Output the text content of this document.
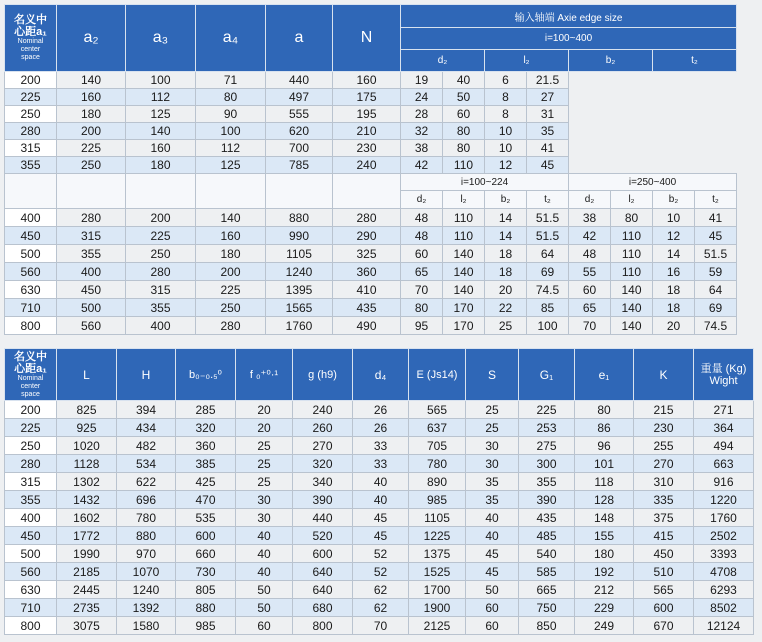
名义中
心距a₁
Nominal
center
space	a₂	a₃	a₄	a	N	输入轴端 Axie edge size							
						i=100~400							
						d₂		l₂		b₂		t₂	
200	140	100	71	440	160	19	40	6	21.5				
225	160	112	80	497	175	24	50	8	27				
250	180	125	90	555	195	28	60	8	31				
280	200	140	100	620	210	32	80	10	35				
315	225	160	112	700	230	38	80	10	41				
355	250	180	125	785	240	42	110	12	45				
						i=100~224				i=250~400			
						d₂	l₂	b₂	t₂	d₂	l₂	b₂	t₂
400	280	200	140	880	280	48	110	14	51.5	38	80	10	41
450	315	225	160	990	290	48	110	14	51.5	42	110	12	45
500	355	250	180	1105	325	60	140	18	64	48	110	14	51.5
560	400	280	200	1240	360	65	140	18	69	55	110	16	59
630	450	315	225	1395	410	70	140	20	74.5	60	140	18	64
710	500	355	250	1565	435	80	170	22	85	65	140	18	69
800	560	400	280	1760	490	95	170	25	100	70	140	20	74.5
名义中
心距a₁
Nominal
center
space	L	H	b₀₋₀.₅⁰	f ₀⁺⁰·¹	g (h9)	d₄	E (Js14)	S	G₁	e₁	K	重量 (Kg) Wight
200	825	394	285	20	240	26	565	25	225	80	215	271
225	925	434	320	20	260	26	637	25	253	86	230	364
250	1020	482	360	25	270	33	705	30	275	96	255	494
280	1128	534	385	25	320	33	780	30	300	101	270	663
315	1302	622	425	25	340	40	890	35	355	118	310	916
355	1432	696	470	30	390	40	985	35	390	128	335	1220
400	1602	780	535	30	440	45	1105	40	435	148	375	1760
450	1772	880	600	40	520	45	1225	40	485	155	415	2502
500	1990	970	660	40	600	52	1375	45	540	180	450	3393
560	2185	1070	730	40	640	52	1525	45	585	192	510	4708
630	2445	1240	805	50	640	62	1700	50	665	212	565	6293
710	2735	1392	880	50	680	62	1900	60	750	229	600	8502
800	3075	1580	985	60	800	70	2125	60	850	249	670	12124
